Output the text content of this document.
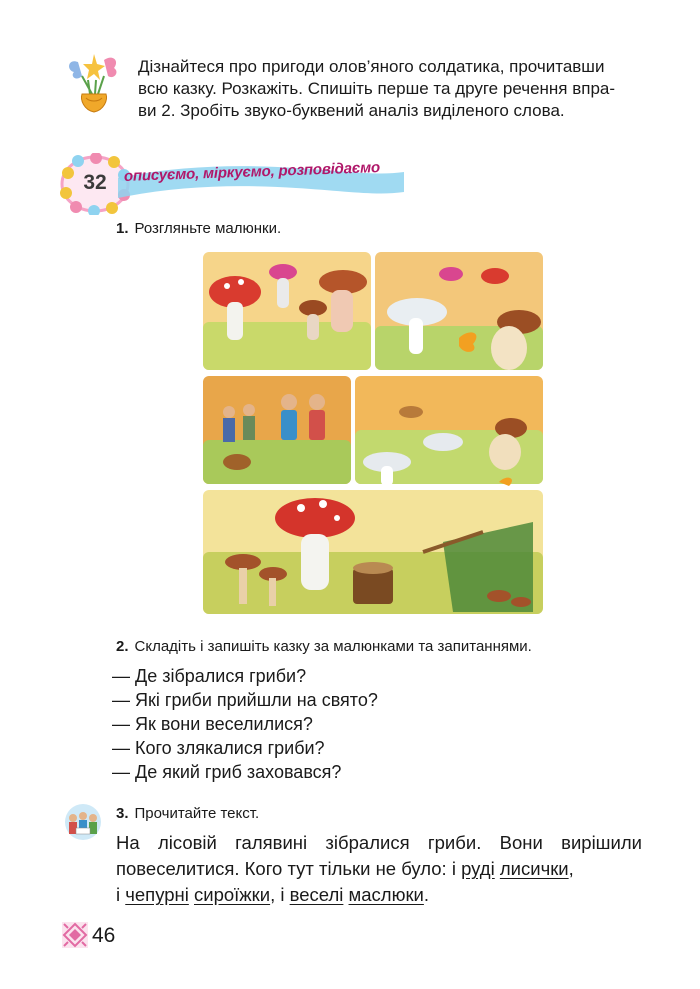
Дізнайтеся про пригоди олов’яного солдатика, прочитавши
всю казку. Розкажіть. Спишіть перше та друге речення впра-
ви 2. Зробіть звуко-буквений аналіз виділеного слова.
32	описуємо, міркуємо, розповідаємо
1. Розгляньте малюнки.
2. Складіть і запишіть казку за малюнками та запитаннями.
— Де зібралися гриби?
— Які гриби прийшли на свято?
— Як вони веселилися?
— Кого злякалися гриби?
— Де який гриб заховався?
3. Прочитайте текст.
На лісовій галявині зібралися гриби. Вони вирішили повеселитися. Кого тут тільки не було: і руді лисички,
і чепурні сироїжки, і веселі маслюки.
46
